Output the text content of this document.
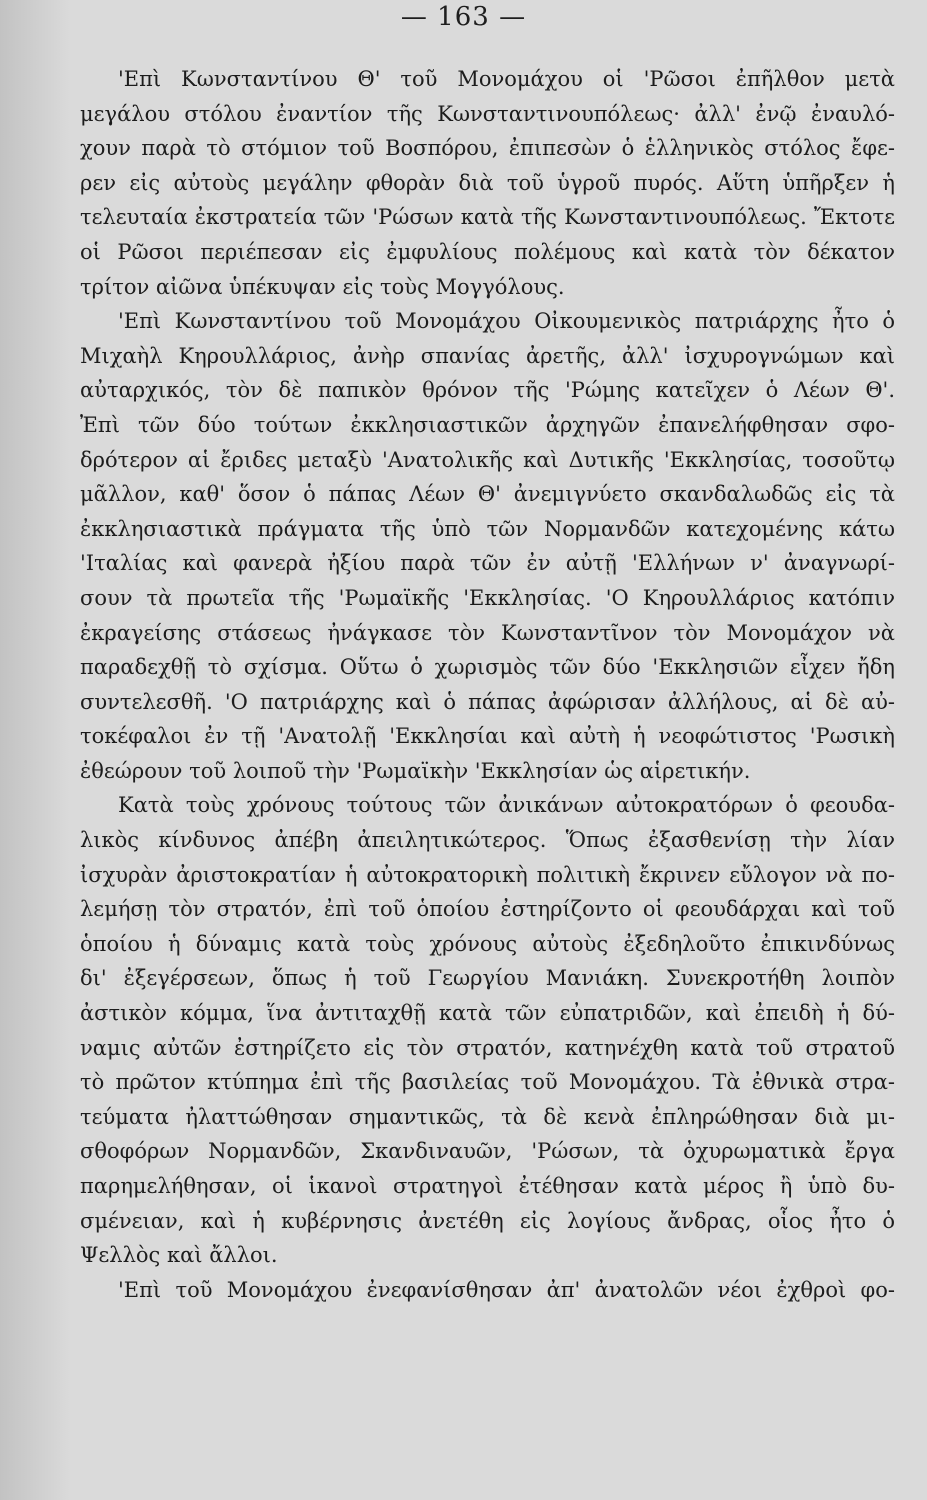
— 163 —
'Επὶ Κωνσταντίνου Θ' τοῦ Μονομάχου οἱ 'Ρῶσοι ἐπῆλθον μετὰ
μεγάλου στόλου ἐναντίον τῆς Κωνσταντινουπόλεως· ἀλλ' ἐνῷ ἐναυλό-
χουν παρὰ τὸ στόμιον τοῦ Βοσπόρου, ἐπιπεσὼν ὁ ἑλληνικὸς στόλος ἔφε-
ρεν εἰς αὐτοὺς μεγάλην φθορὰν διὰ τοῦ ὑγροῦ πυρός. Αὕτη ὑπῆρξεν ἡ
τελευταία ἐκστρατεία τῶν 'Ρώσων κατὰ τῆς Κωνσταντινουπόλεως. Ἔκτοτε
οἱ Ρῶσοι περιέπεσαν εἰς ἐμφυλίους πολέμους καὶ κατὰ τὸν δέκατον
τρίτον αἰῶνα ὑπέκυψαν εἰς τοὺς Μογγόλους.
'Επὶ Κωνσταντίνου τοῦ Μονομάχου Οἰκουμενικὸς πατριάρχης ἦτο ὁ
Μιχαὴλ Κηρουλλάριος, ἀνὴρ σπανίας ἀρετῆς, ἀλλ' ἰσχυρογνώμων καὶ
αὐταρχικός, τὸν δὲ παπικὸν θρόνον τῆς 'Ρώμης κατεῖχεν ὁ Λέων Θ'.
Ἐπὶ τῶν δύο τούτων ἐκκλησιαστικῶν ἀρχηγῶν ἐπανελήφθησαν σφο-
δρότερον αἱ ἔριδες μεταξὺ 'Ανατολικῆς καὶ Δυτικῆς 'Εκκλησίας, τοσοῦτῳ
μᾶλλον, καθ' ὅσον ὁ πάπας Λέων Θ' ἀνεμιγνύετο σκανδαλωδῶς εἰς τὰ
ἐκκλησιαστικὰ πράγματα τῆς ὑπὸ τῶν Νορμανδῶν κατεχομένης κάτω
'Ιταλίας καὶ φανερὰ ἠξίου παρὰ τῶν ἐν αὐτῇ 'Ελλήνων ν' ἀναγνωρί-
σουν τὰ πρωτεῖα τῆς 'Ρωμαϊκῆς 'Εκκλησίας. 'Ο Κηρουλλάριος κατόπιν
ἐκραγείσης στάσεως ἠνάγκασε τὸν Κωνσταντῖνον τὸν Μονομάχον νὰ
παραδεχθῇ τὸ σχίσμα. Οὕτω ὁ χωρισμὸς τῶν δύο 'Εκκλησιῶν εἶχεν ἤδη
συντελεσθῆ. 'Ο πατριάρχης καὶ ὁ πάπας ἀφώρισαν ἀλλήλους, αἱ δὲ αὐ-
τοκέφαλοι ἐν τῇ 'Ανατολῇ 'Εκκλησίαι καὶ αὐτὴ ἡ νεοφώτιστος 'Ρωσικὴ
ἐθεώρουν τοῦ λοιποῦ τὴν 'Ρωμαϊκὴν 'Εκκλησίαν ὡς αἱρετικήν.
Κατὰ τοὺς χρόνους τούτους τῶν ἀνικάνων αὐτοκρατόρων ὁ φεουδα-
λικὸς κίνδυνος ἀπέβη ἀπειλητικώτερος. Ὅπως ἐξασθενίσῃ τὴν λίαν
ἰσχυρὰν ἀριστοκρατίαν ἡ αὐτοκρατορικὴ πολιτικὴ ἔκρινεν εὔλογον νὰ πο-
λεμήσῃ τὸν στρατόν, ἐπὶ τοῦ ὁποίου ἐστηρίζοντο οἱ φεουδάρχαι καὶ τοῦ
ὁποίου ἡ δύναμις κατὰ τοὺς χρόνους αὐτοὺς ἐξεδηλοῦτο ἐπικινδύνως
δι' ἐξεγέρσεων, ὅπως ἡ τοῦ Γεωργίου Μανιάκη. Συνεκροτήθη λοιπὸν
ἀστικὸν κόμμα, ἵνα ἀντιταχθῇ κατὰ τῶν εὐπατριδῶν, καὶ ἐπειδὴ ἡ δύ-
ναμις αὐτῶν ἐστηρίζετο εἰς τὸν στρατόν, κατηνέχθη κατὰ τοῦ στρατοῦ
τὸ πρῶτον κτύπημα ἐπὶ τῆς βασιλείας τοῦ Μονομάχου. Τὰ ἐθνικὰ στρα-
τεύματα ἠλαττώθησαν σημαντικῶς, τὰ δὲ κενὰ ἐπληρώθησαν διὰ μι-
σθοφόρων Νορμανδῶν, Σκανδιναυῶν, 'Ρώσων, τὰ ὀχυρωματικὰ ἔργα
παρημελήθησαν, οἱ ἱκανοὶ στρατηγοὶ ἐτέθησαν κατὰ μέρος ἢ ὑπὸ δυ-
σμένειαν, καὶ ἡ κυβέρνησις ἀνετέθη εἰς λογίους ἄνδρας, οἷος ἦτο ὁ
Ψελλὸς καὶ ἄλλοι.
'Επὶ τοῦ Μονομάχου ἐνεφανίσθησαν ἀπ' ἀνατολῶν νέοι ἐχθροὶ φο-
